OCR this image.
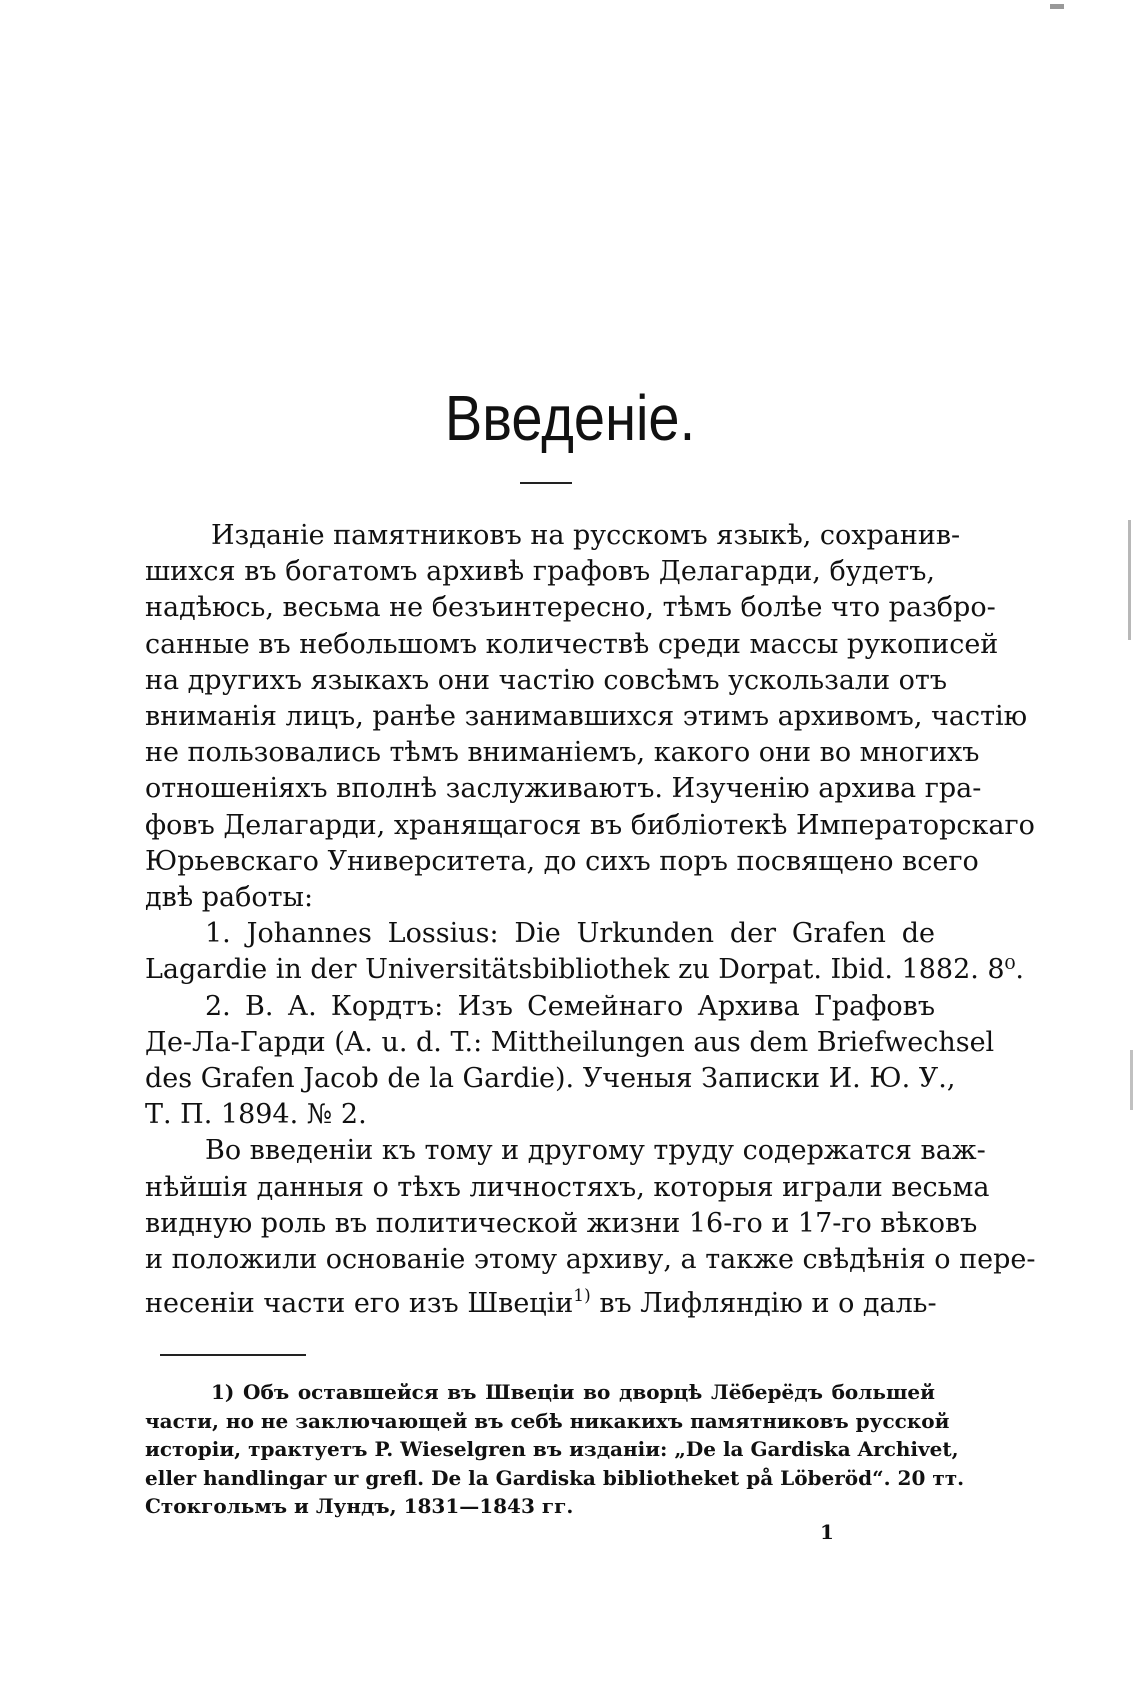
Введеніе.
Изданіе памятниковъ на русскомъ языкѣ, сохранив-
шихся въ богатомъ архивѣ графовъ Делагарди, будетъ,
надѣюсь, весьма не безъинтересно, тѣмъ болѣе что разбро-
санные въ небольшомъ количествѣ среди массы рукописей
на другихъ языкахъ они частію совсѣмъ ускользали отъ
вниманія лицъ, ранѣе занимавшихся этимъ архивомъ, частію
не пользовались тѣмъ вниманіемъ, какого они во многихъ
отношеніяхъ вполнѣ заслуживаютъ. Изученію архива гра-
фовъ Делагарди, хранящагося въ библіотекѣ Императорскаго
Юрьевскаго Университета, до сихъ поръ посвящено всего
двѣ работы:
1. Johannes Lossius: Die Urkunden der Grafen de
Lagardie in der Universitätsbibliothek zu Dorpat. Ibid. 1882. 8⁰.
2. В. А. Кордтъ: Изъ Семейнаго Архива Графовъ
Де-Ла-Гарди (A. u. d. T.: Mittheilungen aus dem Briefwechsel
des Grafen Jacob de la Gardie). Ученыя Записки И. Ю. У.,
Т. П. 1894. № 2.
Во введеніи къ тому и другому труду содержатся важ-
нѣйшія данныя о тѣхъ личностяхъ, которыя играли весьма
видную роль въ политической жизни 16-го и 17-го вѣковъ
и положили основаніе этому архиву, а также свѣдѣнія о пере-
несеніи части его изъ Швеціи$^{1)}$ въ Лифляндію и о даль-
1) Объ оставшейся въ Швеціи во дворцѣ Лёберёдъ большей
части, но не заключающей въ себѣ никакихъ памятниковъ русской
исторіи, трактуетъ P. Wieselgren въ изданіи: „De la Gardiska Archivet,
eller handlingar ur grefl. De la Gardiska bibliotheket på Löberöd“. 20 тт.
Стокгольмъ и Лундъ, 1831—1843 гг.
1
